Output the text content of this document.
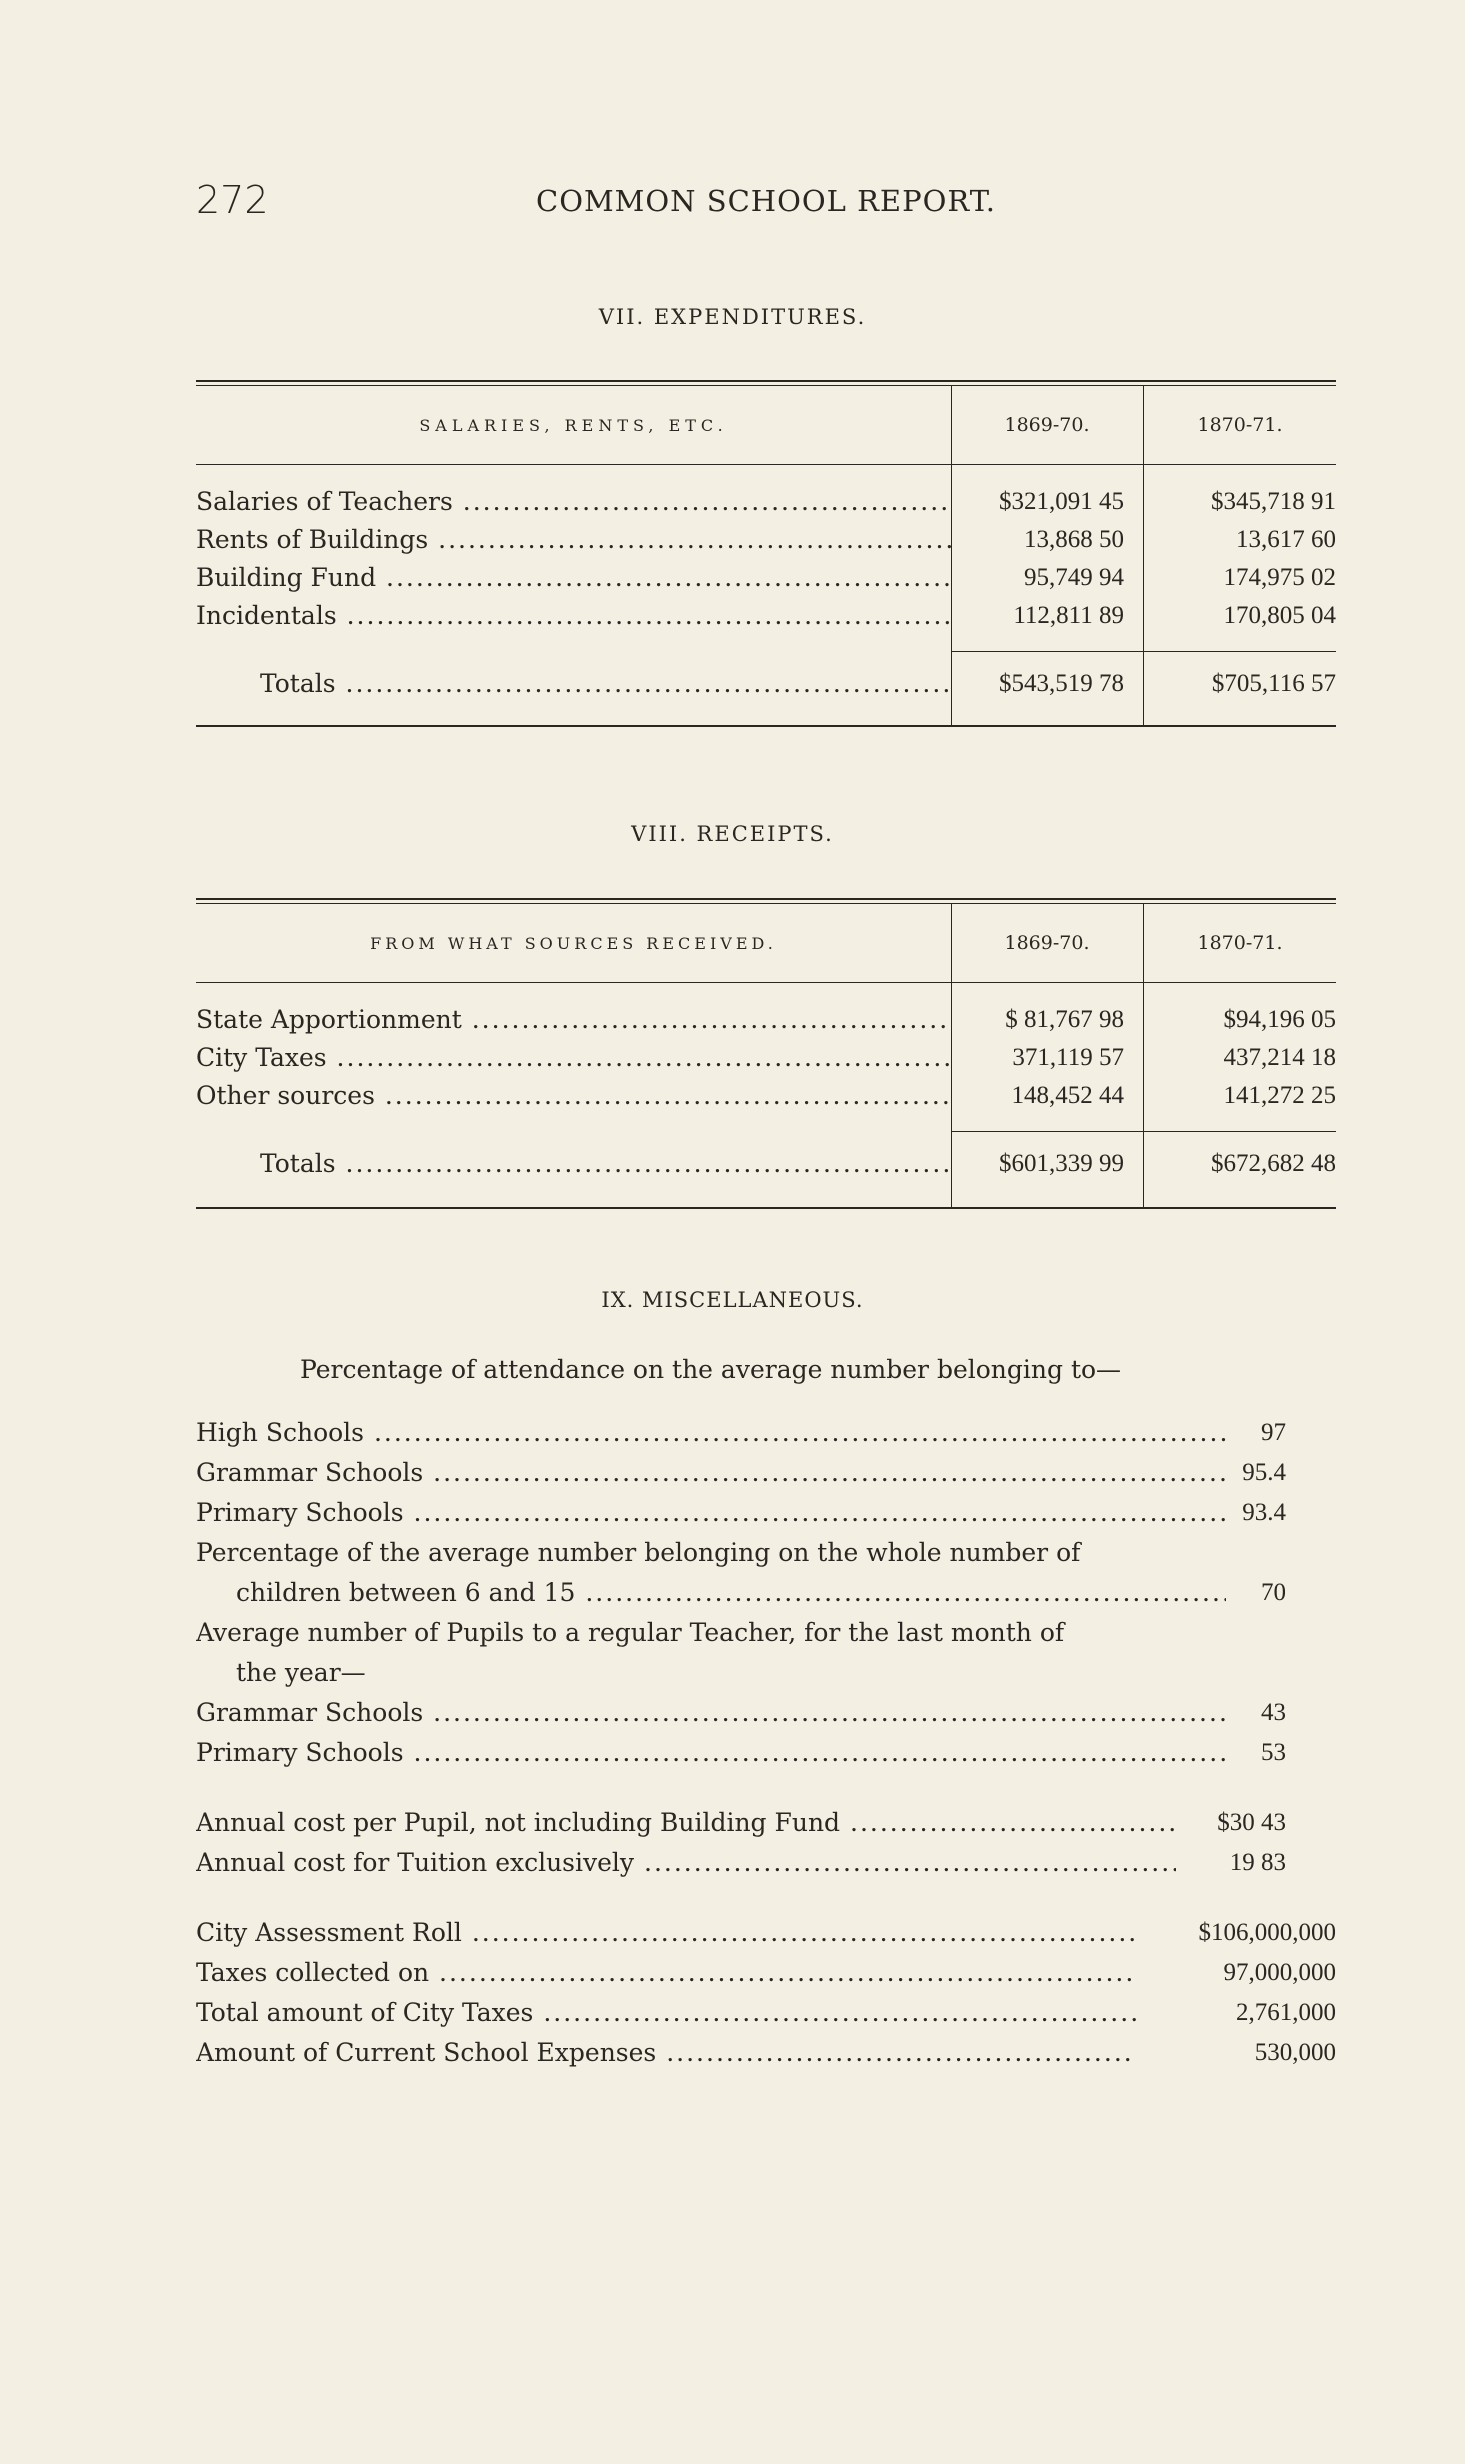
272	COMMON SCHOOL REPORT.
VII. EXPENDITURES.
SALARIES, RENTS, ETC.	1869-70.	1870-71.
Salaries of Teachers .....	$321,091 45	$345,718 91
Rents of Buildings .....	13,868 50	13,617 60
Building Fund .....	95,749 94	174,975 02
Incidentals .....	112,811 89	170,805 04
Totals .....	$543,519 78	$705,116 57
VIII. RECEIPTS.
FROM WHAT SOURCES RECEIVED.	1869-70.	1870-71.
State Apportionment .....	$ 81,767 98	$94,196 05
City Taxes .....	371,119 57	437,214 18
Other sources .....	148,452 44	141,272 25
Totals .....	$601,339 99	$672,682 48
IX. MISCELLANEOUS.
Percentage of attendance on the average number belonging to—
High Schools .....	97
Grammar Schools .....	95.4
Primary Schools .....	93.4
Percentage of the average number belonging on the whole number of
children between 6 and 15 .....	70
Average number of Pupils to a regular Teacher, for the last month of
the year—
Grammar Schools .....	43
Primary Schools .....	53
Annual cost per Pupil, not including Building Fund .....	$30 43
Annual cost for Tuition exclusively .....	19 83
City Assessment Roll .....	$106,000,000
Taxes collected on .....	97,000,000
Total amount of City Taxes .....	2,761,000
Amount of Current School Expenses .....	530,000
